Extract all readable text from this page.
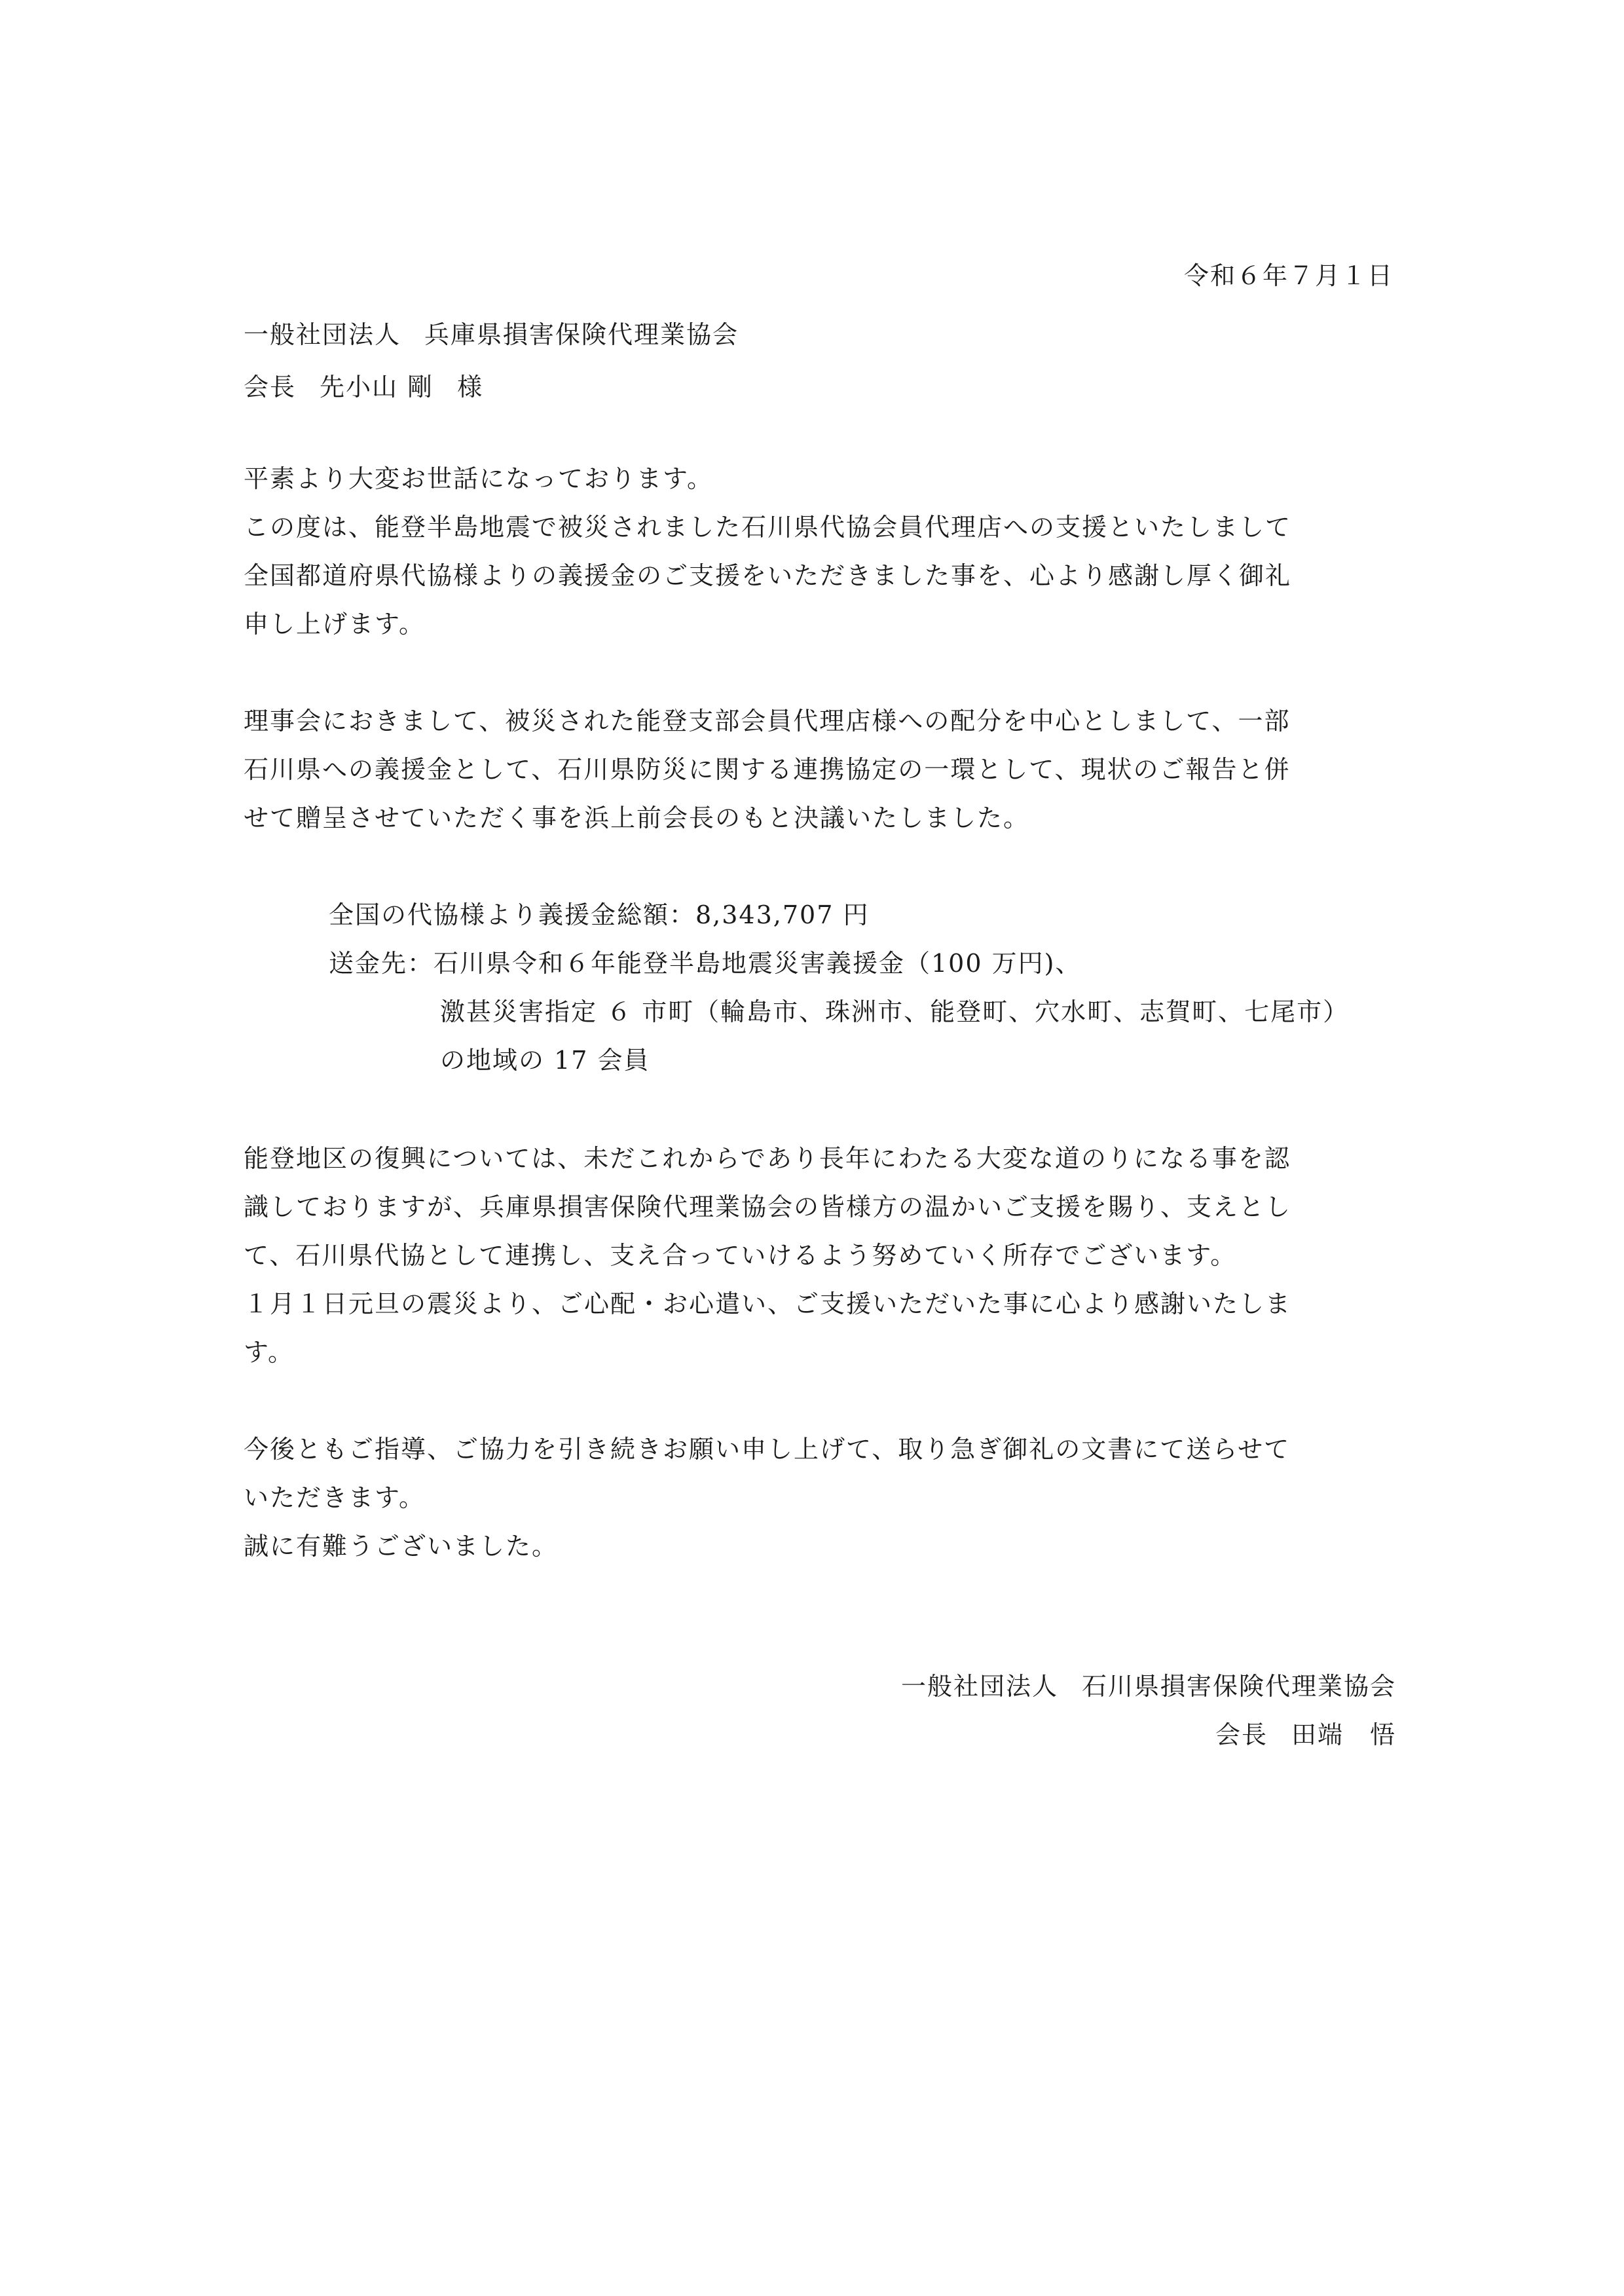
令和６年７月１日
一般社団法人 兵庫県損害保険代理業協会
会長 先小山 剛 様
平素より大変お世話になっております。
この度は、能登半島地震で被災されました石川県代協会員代理店への支援といたしまして
全国都道府県代協様よりの義援金のご支援をいただきました事を、心より感謝し厚く御礼
申し上げます。
理事会におきまして、被災された能登支部会員代理店様への配分を中心としまして、一部
石川県への義援金として、石川県防災に関する連携協定の一環として、現状のご報告と併
せて贈呈させていただく事を浜上前会長のもと決議いたしました。
全国の代協様より義援金総額：8,343,707 円
送金先：石川県令和６年能登半島地震災害義援金（100 万円)、
激甚災害指定 ６ 市町（輪島市、珠洲市、能登町、穴水町、志賀町、七尾市）
の地域の 17 会員
能登地区の復興については、未だこれからであり長年にわたる大変な道のりになる事を認
識しておりますが、兵庫県損害保険代理業協会の皆様方の温かいご支援を賜り、支えとし
て、石川県代協として連携し、支え合っていけるよう努めていく所存でございます。
１月１日元旦の震災より、ご心配・お心遣い、ご支援いただいた事に心より感謝いたしま
す。
今後ともご指導、ご協力を引き続きお願い申し上げて、取り急ぎ御礼の文書にて送らせて
いただきます。
誠に有難うございました。
一般社団法人 石川県損害保険代理業協会
会長 田端　悟
